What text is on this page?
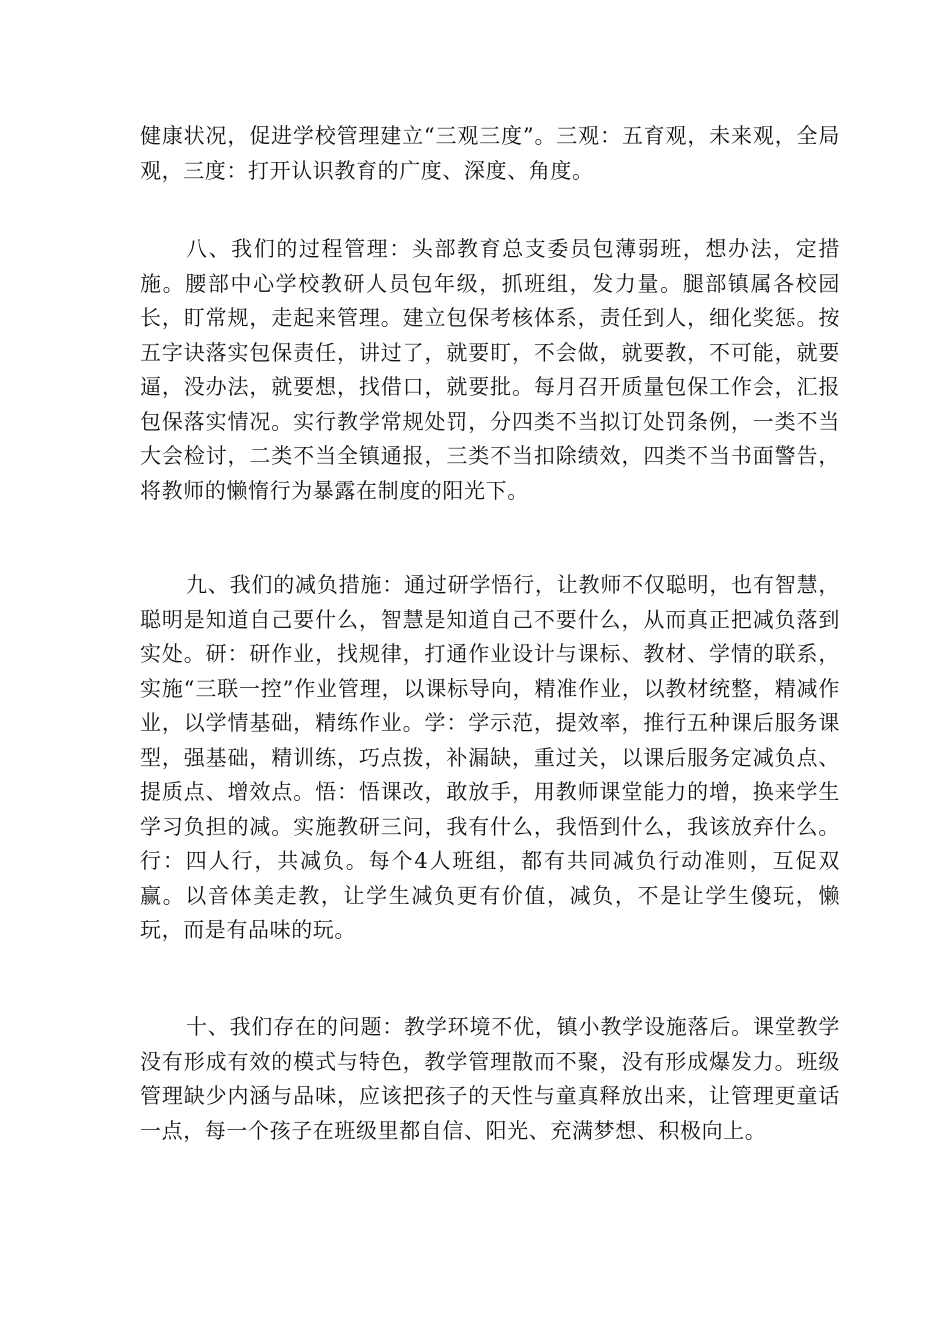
健康状况，促进学校管理建立“三观三度”。三观：五育观，未来观，全局观，三度：打开认识教育的广度、深度、角度。

八、我们的过程管理：头部教育总支委员包薄弱班，想办法，定措施。腰部中心学校教研人员包年级，抓班组，发力量。腿部镇属各校园长，盯常规，走起来管理。建立包保考核体系，责任到人，细化奖惩。按五字诀落实包保责任，讲过了，就要盯，不会做，就要教，不可能，就要逼，没办法，就要想，找借口，就要批。每月召开质量包保工作会，汇报包保落实情况。实行教学常规处罚，分四类不当拟订处罚条例，一类不当大会检讨，二类不当全镇通报，三类不当扣除绩效，四类不当书面警告，将教师的懒惰行为暴露在制度的阳光下。

九、我们的减负措施：通过研学悟行，让教师不仅聪明，也有智慧，聪明是知道自己要什么，智慧是知道自己不要什么，从而真正把减负落到实处。研：研作业，找规律，打通作业设计与课标、教材、学情的联系，实施“三联一控”作业管理，以课标导向，精准作业，以教材统整，精减作业，以学情基础，精练作业。学：学示范，提效率，推行五种课后服务课型，强基础，精训练，巧点拨，补漏缺，重过关，以课后服务定减负点、提质点、增效点。悟：悟课改，敢放手，用教师课堂能力的增，换来学生学习负担的减。实施教研三问，我有什么，我悟到什么，我该放弃什么。行：四人行，共减负。每个4人班组，都有共同减负行动准则，互促双赢。以音体美走教，让学生减负更有价值，减负，不是让学生傻玩，懒玩，而是有品味的玩。

十、我们存在的问题：教学环境不优，镇小教学设施落后。课堂教学没有形成有效的模式与特色，教学管理散而不聚，没有形成爆发力。班级管理缺少内涵与品味，应该把孩子的天性与童真释放出来，让管理更童话一点，每一个孩子在班级里都自信、阳光、充满梦想、积极向上。
